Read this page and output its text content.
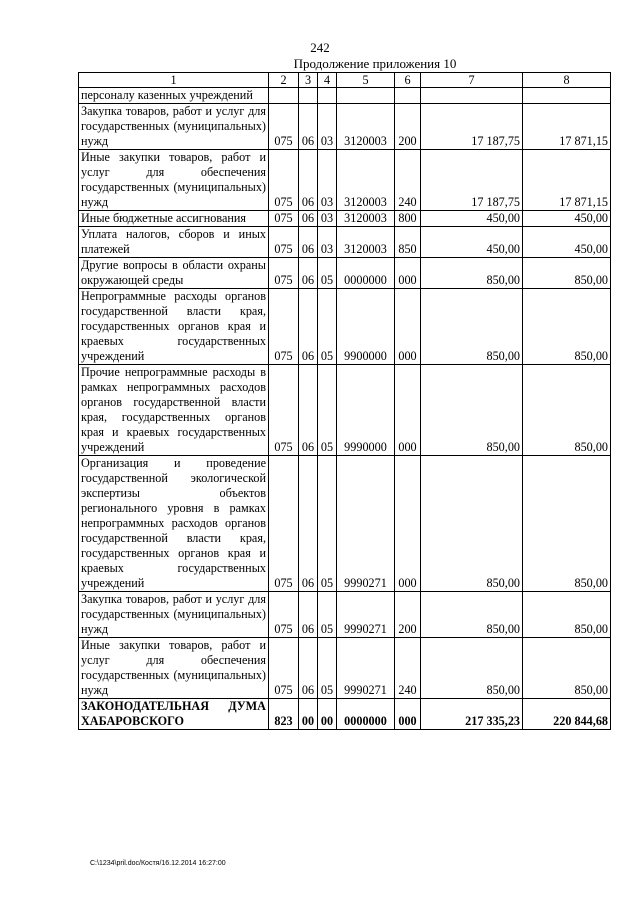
242
Продолжение приложения 10
1	2	3	4	5	6	7	8
персоналу казенных учреждений							
Закупка товаров, работ и услуг для государственных (муниципальных) нужд	075	06	03	3120003	200	17 187,75	17 871,15
Иные закупки товаров, работ и услуг для обеспечения государственных (муниципальных) нужд	075	06	03	3120003	240	17 187,75	17 871,15
Иные бюджетные ассигнования	075	06	03	3120003	800	450,00	450,00
Уплата налогов, сборов и иных платежей	075	06	03	3120003	850	450,00	450,00
Другие вопросы в области охраны окружающей среды	075	06	05	0000000	000	850,00	850,00
Непрограммные расходы органов государственной власти края, государственных органов края и краевых государственных учреждений	075	06	05	9900000	000	850,00	850,00
Прочие непрограммные расходы в рамках непрограммных расходов органов государственной власти края, государственных органов края и краевых государственных учреждений	075	06	05	9990000	000	850,00	850,00
Организация и проведение государственной экологической экспертизы объектов регионального уровня в рамках непрограммных расходов органов государственной власти края, государственных органов края и краевых государственных учреждений	075	06	05	9990271	000	850,00	850,00
Закупка товаров, работ и услуг для государственных (муниципальных) нужд	075	06	05	9990271	200	850,00	850,00
Иные закупки товаров, работ и услуг для обеспечения государственных (муниципальных) нужд	075	06	05	9990271	240	850,00	850,00
ЗАКОНОДАТЕЛЬНАЯ ДУМА ХАБАРОВСКОГО	823	00	00	0000000	000	217 335,23	220 844,68
C:\1234\pril.doc/Костя/16.12.2014 16:27:00
